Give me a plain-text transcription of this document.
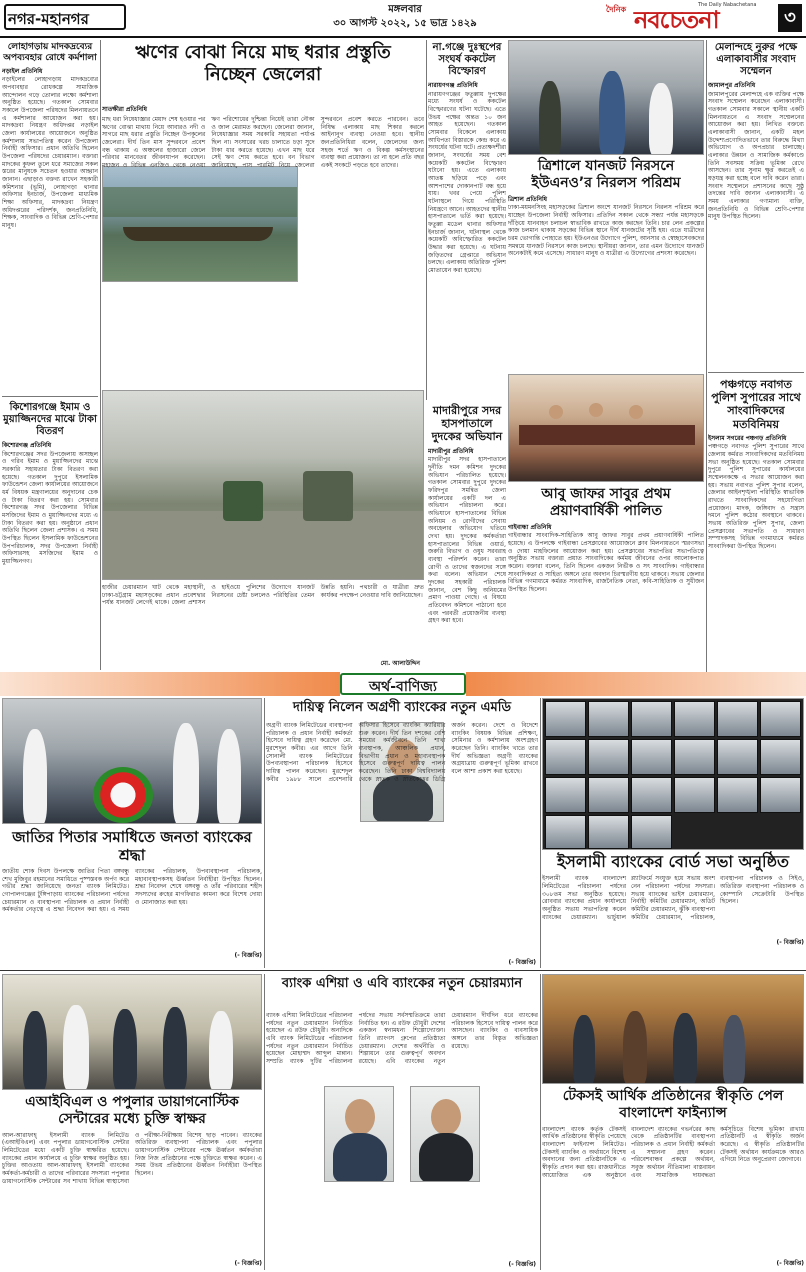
নগর-মহানগর
মঙ্গলবার
৩০ আগস্ট ২০২২, ১৫ ভাদ্র ১৪২৯
দৈনিক নবচেতনা
The Daily Nabachetana
৩
লোহাগড়ায় মাদকদ্রব্যের অপব্যবহার রোধে কর্মশালা
নড়াইল প্রতিনিধি
নড়াইলের লোহাগড়ায় মাদকদ্রব্যের অপব্যবহার রোধকল্পে সামাজিক আন্দোলন গড়ে তোলার লক্ষ্যে কর্মশালা অনুষ্ঠিত হয়েছে। গতকাল সোমবার সকালে উপজেলা পরিষদের মিলনায়তনে এ কর্মশালার আয়োজন করা হয়। মাদকদ্রব্য নিয়ন্ত্রণ অধিদপ্তর নড়াইল জেলা কার্যালয়ের আয়োজনে অনুষ্ঠিত কর্মশালায় সভাপতিত্ব করেন উপজেলা নির্বাহী অফিসার। প্রধান অতিথি ছিলেন উপজেলা পরিষদের চেয়ারম্যান। বক্তারা মাদকের কুফল তুলে ধরে সমাজের সকল স্তরের মানুষকে সচেতন হওয়ার আহ্বান জানান। এছাড়াও বক্তব্য রাখেন সহকারী কমিশনার (ভূমি), লোহাগড়া থানার অফিসার ইনচার্জ, উপজেলা মাধ্যমিক শিক্ষা অফিসার, মাদকদ্রব্য নিয়ন্ত্রণ অধিদপ্তরের পরিদর্শক, জনপ্রতিনিধি, শিক্ষক, সাংবাদিক ও বিভিন্ন শ্রেণি-পেশার মানুষ।
কিশোরগঞ্জে ইমাম ও মুয়াজ্জিনদের মাঝে টাকা বিতরণ
কিশোরগঞ্জ প্রতিনিধি
কিশোরগঞ্জের সদর উপজেলায় অসচ্ছল ও গরিব ইমাম ও মুয়াজ্জিনদের মাঝে সরকারি সহায়তার টাকা বিতরণ করা হয়েছে। গতকাল দুপুরে ইসলামিক ফাউন্ডেশন জেলা কার্যালয়ের আয়োজনে ধর্ম বিষয়ক মন্ত্রণালয়ের অনুদানের চেক ও টাকা বিতরণ করা হয়। সোমবার কিশোরগঞ্জ সদর উপজেলার বিভিন্ন মসজিদের ইমাম ও মুয়াজ্জিনদের মধ্যে এ টাকা বিতরণ করা হয়। অনুষ্ঠানে প্রধান অতিথি ছিলেন জেলা প্রশাসক। এ সময় উপস্থিত ছিলেন ইসলামিক ফাউন্ডেশনের উপপরিচালক, সদর উপজেলা নির্বাহী অফিসারসহ মসজিদের ইমাম ও মুয়াজ্জিনগণ।
ঋণের বোঝা নিয়ে মাছ ধরার প্রস্তুতি নিচ্ছেন জেলেরা
সাতক্ষীরা প্রতিনিধি
মাছ ধরা নিষেধাজ্ঞার মেয়াদ শেষ হওয়ার পর ঋণের বোঝা মাথায় নিয়ে আবারও নদী ও সাগরে মাছ ধরার প্রস্তুতি নিচ্ছেন উপকূলের জেলেরা। দীর্ঘ তিন মাস সুন্দরবনে প্রবেশ বন্ধ থাকায় এ অঞ্চলের হাজারো জেলে পরিবার মানবেতর জীবনযাপন করেছেন। মহাজন ও বিভিন্ন এনজিও থেকে নেওয়া ঋণ পরিশোধের দুশ্চিন্তা নিয়েই তারা নৌকা ও জাল মেরামত করছেন। জেলেরা জানান, নিষেধাজ্ঞার সময় সরকারি সহায়তা পর্যাপ্ত ছিল না। সংসারের খরচ চালাতে চড়া সুদে টাকা ধার করতে হয়েছে। এখন মাছ ধরে সেই ঋণ শোধ করতে হবে। বন বিভাগ জানিয়েছে, পাস পারমিট নিয়ে জেলেরা সুন্দরবনে প্রবেশ করতে পারবেন। তবে নিষিদ্ধ এলাকায় মাছ শিকার করলে আইনানুগ ব্যবস্থা নেওয়া হবে। স্থানীয় জনপ্রতিনিধিরা বলেন, জেলেদের জন্য সহজ শর্তে ঋণ ও বিকল্প কর্মসংস্থানের ব্যবস্থা করা প্রয়োজন। তা না হলে প্রতি বছর একই সংকটে পড়তে হবে তাদের।
হাজীর চেয়ারম্যান ঘাট থেকে মহাস্থানী, ঢাকা-চট্টগ্রাম মহাসড়কের প্রধান প্রবেশদ্বার পর্যন্ত যানজট লেগেই থাকে। জেলা প্রশাসন ও হাইওয়ে পুলিশের উদ্যোগে যানজট নিরসনের চেষ্টা চললেও পরিস্থিতির তেমন উন্নতি হয়নি। পথচারী ও যাত্রীরা দ্রুত কার্যকর পদক্ষেপ নেওয়ার দাবি জানিয়েছেন।
মো. আলাউদ্দিন
না.গঞ্জে দুঃস্থপের সংঘর্ষ ককটেল বিস্ফোরণ
নারায়ণগঞ্জ প্রতিনিধি
নারায়ণগঞ্জের ফতুল্লায় দুপক্ষের মধ্যে সংঘর্ষ ও ককটেল বিস্ফোরণের ঘটনা ঘটেছে। এতে উভয় পক্ষের অন্তত ১০ জন আহত হয়েছেন। গতকাল সোমবার বিকেলে এলাকায় আধিপত্য বিস্তারকে কেন্দ্র করে এ সংঘর্ষের ঘটনা ঘটে। প্রত্যক্ষদর্শীরা জানান, সংঘর্ষের সময় বেশ কয়েকটি ককটেল বিস্ফোরণ ঘটানো হয়। এতে এলাকায় আতঙ্ক ছড়িয়ে পড়ে এবং আশপাশের দোকানপাট বন্ধ হয়ে যায়। খবর পেয়ে পুলিশ ঘটনাস্থলে গিয়ে পরিস্থিতি নিয়ন্ত্রণে আনে। আহতদের স্থানীয় হাসপাতালে ভর্তি করা হয়েছে। ফতুল্লা মডেল থানার অফিসার ইনচার্জ জানান, ঘটনাস্থল থেকে কয়েকটি অবিস্ফোরিত ককটেল উদ্ধার করা হয়েছে। এ ঘটনায় জড়িতদের গ্রেপ্তারে অভিযান চলছে। এলাকায় অতিরিক্ত পুলিশ মোতায়েন করা হয়েছে।
ত্রিশালে যানজট নিরসনে ইউএনও’র নিরলস পরিশ্রম
ত্রিশাল প্রতিনিধি
ঢাকা-ময়মনসিংহ মহাসড়কের ত্রিশাল অংশে যানজট নিরসনে নিরলস পরিশ্রম করে যাচ্ছেন উপজেলা নির্বাহী অফিসার। প্রতিদিন সকাল থেকে সন্ধ্যা পর্যন্ত মহাসড়কে দাঁড়িয়ে যানবাহন চলাচল স্বাভাবিক রাখতে কাজ করছেন তিনি। চার লেন প্রকল্পের কাজ চলমান থাকায় সড়কের বিভিন্ন স্থানে দীর্ঘ যানজটের সৃষ্টি হয়। এতে যাত্রীদের চরম ভোগান্তি পোহাতে হয়। ইউএনওর উদ্যোগে পুলিশ, আনসার ও স্বেচ্ছাসেবকদের সমন্বয়ে যানজট নিরসনে কাজ চলছে। স্থানীয়রা জানান, তার এমন উদ্যোগে যানজট অনেকটাই কমে এসেছে। সাধারণ মানুষ ও যাত্রীরা এ উদ্যোগের প্রশংসা করেছেন।
মেলান্দহে নুরুর পক্ষে এলাকাবাসীর সংবাদ সম্মেলন
জামালপুর প্রতিনিধি
জামালপুরের মেলান্দহে এক ব্যক্তির পক্ষে সংবাদ সম্মেলন করেছেন এলাকাবাসী। গতকাল সোমবার সকালে স্থানীয় একটি মিলনায়তনে এ সংবাদ সম্মেলনের আয়োজন করা হয়। লিখিত বক্তব্যে এলাকাবাসী জানান, একটি মহল উদ্দেশ্যপ্রণোদিতভাবে তার বিরুদ্ধে মিথ্যা অভিযোগ ও অপপ্রচার চালাচ্ছে। এলাকার উন্নয়ন ও সামাজিক কর্মকাণ্ডে তিনি সবসময় সক্রিয় ভূমিকা রেখে আসছেন। তার সুনাম ক্ষুণ্ণ করতেই এ ষড়যন্ত্র করা হচ্ছে বলে দাবি করেন তারা। সংবাদ সম্মেলনে প্রশাসনের কাছে সুষ্ঠু তদন্তের দাবি জানান এলাকাবাসী। এ সময় এলাকার গণ্যমান্য ব্যক্তি, জনপ্রতিনিধি ও বিভিন্ন শ্রেণি-পেশার মানুষ উপস্থিত ছিলেন।
পঞ্চগড়ে নবাগত পুলিশ সুপারের সাথে সাংবাদিকদের মতবিনিময়
ইসলাম সগরের পঞ্চগড় প্রতিনিধি
পঞ্চগড়ে নবাগত পুলিশ সুপারের সাথে জেলায় কর্মরত সাংবাদিকদের মতবিনিময় সভা অনুষ্ঠিত হয়েছে। গতকাল সোমবার দুপুরে পুলিশ সুপারের কার্যালয়ের সম্মেলনকক্ষে এ সভার আয়োজন করা হয়। সভায় নবাগত পুলিশ সুপার বলেন, জেলার আইনশৃঙ্খলা পরিস্থিতি স্বাভাবিক রাখতে সাংবাদিকদের সহযোগিতা প্রয়োজন। মাদক, জঙ্গিবাদ ও সন্ত্রাস দমনে পুলিশ কঠোর অবস্থানে থাকবে। সভায় অতিরিক্ত পুলিশ সুপার, জেলা প্রেসক্লাবের সভাপতি ও সাধারণ সম্পাদকসহ বিভিন্ন গণমাধ্যমে কর্মরত সাংবাদিকরা উপস্থিত ছিলেন।
মাদারীপুরে সদর হাসপাতালে দুদকের অভিযান
মাদারীপুর প্রতিনিধি
মাদারীপুর সদর হাসপাতালে দুর্নীতি দমন কমিশন দুদকের অভিযান পরিচালিত হয়েছে। গতকাল সোমবার দুপুরে দুদকের ফরিদপুর সমন্বিত জেলা কার্যালয়ের একটি দল এ অভিযান পরিচালনা করে। অভিযানে হাসপাতালের বিভিন্ন অনিয়ম ও রোগীদের সেবায় অবহেলার অভিযোগ খতিয়ে দেখা হয়। দুদকের কর্মকর্তারা হাসপাতালের বিভিন্ন ওয়ার্ড, জরুরি বিভাগ ও ওষুধ সরবরাহ ব্যবস্থা পরিদর্শন করেন। তারা রোগী ও তাদের স্বজনদের সঙ্গে কথা বলেন। অভিযান শেষে দুদকের সহকারী পরিচালক জানান, বেশ কিছু অনিয়মের প্রমাণ পাওয়া গেছে। এ বিষয়ে প্রতিবেদন কমিশনে পাঠানো হবে এবং পরবর্তী প্রয়োজনীয় ব্যবস্থা গ্রহণ করা হবে।
আবু জাফর সাবুর প্রথম প্রয়াণবার্ষিকী পালিত
গাইবান্ধা প্রতিনিধি
গাইবান্ধার সাংবাদিক-সাহিত্যিক আবু জাফর সাবুর প্রথম প্রয়াণবার্ষিকী পালিত হয়েছে। এ উপলক্ষে গাইবান্ধা প্রেসক্লাবের আয়োজনে ক্লাব মিলনায়তনে স্মরণসভা ও দোয়া মাহফিলের আয়োজন করা হয়। প্রেসক্লাবের সভাপতির সভাপতিত্বে অনুষ্ঠিত সভায় বক্তারা প্রয়াত সাংবাদিকের কর্মময় জীবনের ওপর আলোকপাত করেন। বক্তারা বলেন, তিনি ছিলেন একজন নির্ভীক ও সৎ সাংবাদিক। গাইবান্ধার সাংবাদিকতা ও সাহিত্য অঙ্গনে তার অবদান চিরস্মরণীয় হয়ে থাকবে। সভায় জেলার বিভিন্ন গণমাধ্যমে কর্মরত সাংবাদিক, রাজনৈতিক নেতা, কবি-সাহিত্যিক ও সুধীজন উপস্থিত ছিলেন।
অর্থ-বাণিজ্য
জাতির পিতার সমাধিতে জনতা ব্যাংকের শ্রদ্ধা
জাতীয় শোক দিবস উপলক্ষে জাতির পিতা বঙ্গবন্ধু শেখ মুজিবুর রহমানের সমাধিতে পুষ্পস্তবক অর্পণ করে গভীর শ্রদ্ধা জানিয়েছে জনতা ব্যাংক লিমিটেড। গোপালগঞ্জের টুঙ্গিপাড়ায় ব্যাংকের পরিচালনা পর্ষদের চেয়ারম্যান ও ব্যবস্থাপনা পরিচালক ও প্রধান নির্বাহী কর্মকর্তার নেতৃত্বে এ শ্রদ্ধা নিবেদন করা হয়। এ সময় ব্যাংকের পরিচালক, উপব্যবস্থাপনা পরিচালক, মহাব্যবস্থাপকসহ ঊর্ধ্বতন নির্বাহীরা উপস্থিত ছিলেন। শ্রদ্ধা নিবেদন শেষে বঙ্গবন্ধু ও তাঁর পরিবারের শহীদ সদস্যদের রুহের মাগফিরাত কামনা করে বিশেষ দোয়া ও মোনাজাত করা হয়।
(- বিজ্ঞপ্তি)
দায়িত্ব নিলেন অগ্রণী ব্যাংকের নতুন এমডি
অগ্রণী ব্যাংক লিমিটেডের ব্যবস্থাপনা পরিচালক ও প্রধান নির্বাহী কর্মকর্তা হিসেবে দায়িত্ব গ্রহণ করেছেন মো. মুরশেদুল কবীর। এর আগে তিনি সোনালী ব্যাংক লিমিটেডের উপব্যবস্থাপনা পরিচালক হিসেবে দায়িত্ব পালন করেছেন। মুরশেদুল কবীর ১৯৮৮ সালে প্রবেশনারি অফিসার হিসেবে ব্যাংকিং ক্যারিয়ার শুরু করেন। দীর্ঘ তিন দশকের বেশি সময়ের কর্মজীবনে তিনি শাখা ব্যবস্থাপক, আঞ্চলিক প্রধান, বিভাগীয় প্রধান ও মহাব্যবস্থাপক হিসেবে গুরুত্বপূর্ণ দায়িত্ব পালন করেছেন। তিনি ঢাকা বিশ্ববিদ্যালয় থেকে স্নাতক ও স্নাতকোত্তর ডিগ্রি অর্জন করেন। দেশে ও বিদেশে ব্যাংকিং বিষয়ক বিভিন্ন প্রশিক্ষণ, সেমিনার ও কর্মশালায় অংশগ্রহণ করেছেন তিনি। ব্যাংকিং খাতে তার দীর্ঘ অভিজ্ঞতা অগ্রণী ব্যাংকের অগ্রযাত্রায় গুরুত্বপূর্ণ ভূমিকা রাখবে বলে আশা প্রকাশ করা হয়েছে।
(- বিজ্ঞপ্তি)
ইসলামী ব্যাংকের বোর্ড সভা অনুষ্ঠিত
ইসলামী ব্যাংক বাংলাদেশ লিমিটেডের পরিচালনা পর্ষদের ৩০৮তম সভা অনুষ্ঠিত হয়েছে। রোববার ব্যাংকের প্রধান কার্যালয়ে অনুষ্ঠিত সভায় সভাপতিত্ব করেন ব্যাংকের চেয়ারম্যান। ভার্চুয়াল প্ল্যাটফর্মে সংযুক্ত হয়ে সভায় অংশ নেন পরিচালনা পর্ষদের সদস্যরা। সভায় ব্যাংকের ভাইস চেয়ারম্যান, নির্বাহী কমিটির চেয়ারম্যান, অডিট কমিটির চেয়ারম্যান, ঝুঁকি ব্যবস্থাপনা কমিটির চেয়ারম্যান, পরিচালক, ব্যবস্থাপনা পরিচালক ও সিইও, অতিরিক্ত ব্যবস্থাপনা পরিচালক ও কোম্পানি সেক্রেটারি উপস্থিত ছিলেন।
(- বিজ্ঞপ্তি)
এআইবিএল ও পপুলার ডায়াগনোস্টিক সেন্টারের মধ্যে চুক্তি স্বাক্ষর
আল-আরাফাহ্ ইসলামী ব্যাংক লিমিটেড (এআইবিএল) এবং পপুলার ডায়াগনোস্টিক সেন্টার লিমিটেডের মধ্যে একটি চুক্তি স্বাক্ষরিত হয়েছে। ব্যাংকের প্রধান কার্যালয়ে এ চুক্তি স্বাক্ষর অনুষ্ঠিত হয়। চুক্তির আওতায় আল-আরাফাহ্ ইসলামী ব্যাংকের কর্মকর্তা-কর্মচারী ও তাদের পরিবারের সদস্যরা পপুলার ডায়াগনোস্টিক সেন্টারের সব শাখায় বিভিন্ন স্বাস্থ্যসেবা ও পরীক্ষা-নিরীক্ষায় বিশেষ ছাড় পাবেন। ব্যাংকের অতিরিক্ত ব্যবস্থাপনা পরিচালক এবং পপুলার ডায়াগনোস্টিক সেন্টারের পক্ষে ঊর্ধ্বতন কর্মকর্তারা নিজ নিজ প্রতিষ্ঠানের পক্ষে চুক্তিতে স্বাক্ষর করেন। এ সময় উভয় প্রতিষ্ঠানের ঊর্ধ্বতন নির্বাহীরা উপস্থিত ছিলেন।
(- বিজ্ঞপ্তি)
ব্যাংক এশিয়া ও এবি ব্যাংকের নতুন চেয়ারম্যান
ব্যাংক এশিয়া লিমিটেডের পরিচালনা পর্ষদের নতুন চেয়ারম্যান নির্বাচিত হয়েছেন এ রউফ চৌধুরী। অন্যদিকে এবি ব্যাংক লিমিটেডের পরিচালনা পর্ষদের নতুন চেয়ারম্যান নির্বাচিত হয়েছেন মোহাম্মদ আব্দুল মান্নান। সম্প্রতি ব্যাংক দুটির পরিচালনা পর্ষদের সভায় সর্বসম্মতিক্রমে তারা নির্বাচিত হন। এ রউফ চৌধুরী দেশের একজন স্বনামধন্য শিল্পোদ্যোক্তা। তিনি র‍্যাংগস গ্রুপের প্রতিষ্ঠাতা চেয়ারম্যান। দেশের অর্থনীতি ও শিল্পায়নে তার গুরুত্বপূর্ণ অবদান রয়েছে। এবি ব্যাংকের নতুন চেয়ারম্যান দীর্ঘদিন ধরে ব্যাংকের পরিচালক হিসেবে দায়িত্ব পালন করে আসছেন। ব্যাংকিং ও ব্যবসায়িক অঙ্গনে তার বিস্তৃত অভিজ্ঞতা রয়েছে।
(- বিজ্ঞপ্তি)
টেকসই আর্থিক প্রতিষ্ঠানের স্বীকৃতি পেল বাংলাদেশ ফাইন্যান্স
বাংলাদেশ ব্যাংক কর্তৃক টেকসই আর্থিক প্রতিষ্ঠানের স্বীকৃতি পেয়েছে বাংলাদেশ ফাইন্যান্স লিমিটেড। টেকসই ব্যাংকিং ও অর্থায়নে বিশেষ অবদানের জন্য প্রতিষ্ঠানটিকে এ স্বীকৃতি প্রদান করা হয়। রাজধানীতে আয়োজিত এক অনুষ্ঠানে বাংলাদেশ ব্যাংকের গভর্নরের কাছ থেকে প্রতিষ্ঠানটির ব্যবস্থাপনা পরিচালক ও প্রধান নির্বাহী কর্মকর্তা এ সম্মাননা গ্রহণ করেন। পরিবেশবান্ধব প্রকল্পে অর্থায়ন, সবুজ অর্থায়ন নীতিমালা বাস্তবায়ন এবং সামাজিক দায়বদ্ধতা কর্মসূচিতে বিশেষ ভূমিকা রাখায় প্রতিষ্ঠানটি এ স্বীকৃতি অর্জন করেছে। এ স্বীকৃতি প্রতিষ্ঠানটির টেকসই অর্থায়ন কার্যক্রমকে আরও এগিয়ে নিতে অনুপ্রেরণা জোগাবে।
(- বিজ্ঞপ্তি)
